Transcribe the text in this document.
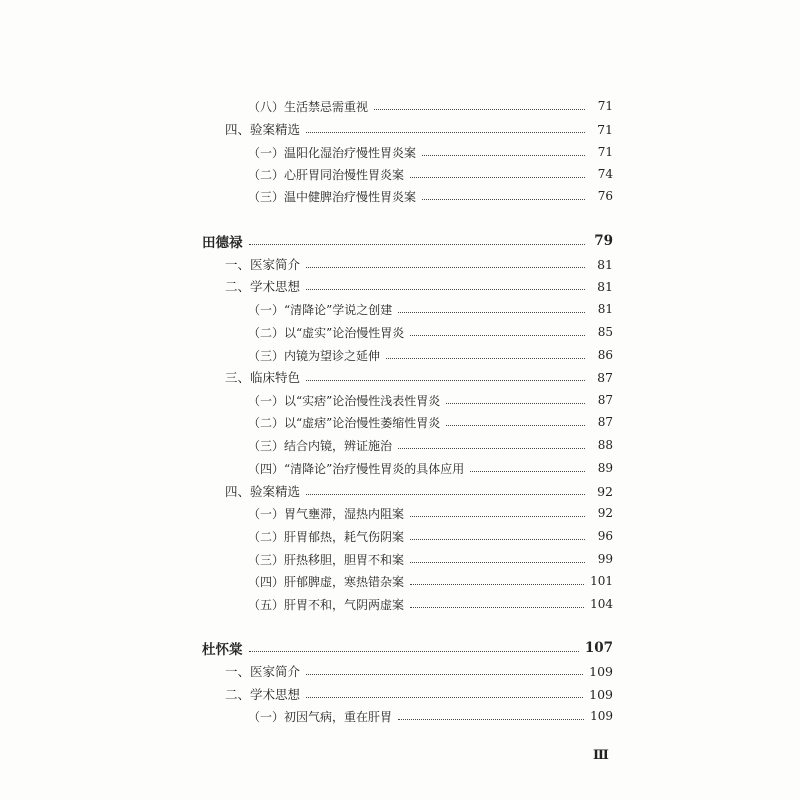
（八）生活禁忌需重视	71
四、验案精选	71
（一）温阳化湿治疗慢性胃炎案	71
（二）心肝胃同治慢性胃炎案	74
（三）温中健脾治疗慢性胃炎案	76
田德禄	79
一、医家简介	81
二、学术思想	81
（一）“清降论”学说之创建	81
（二）以“虚实”论治慢性胃炎	85
（三）内镜为望诊之延伸	86
三、临床特色	87
（一）以“实痞”论治慢性浅表性胃炎	87
（二）以“虚痞”论治慢性萎缩性胃炎	87
（三）结合内镜，辨证施治	88
（四）“清降论”治疗慢性胃炎的具体应用	89
四、验案精选	92
（一）胃气壅滞，湿热内阻案	92
（二）肝胃郁热，耗气伤阴案	96
（三）肝热移胆，胆胃不和案	99
（四）肝郁脾虚，寒热错杂案	101
（五）肝胃不和，气阴两虚案	104
杜怀棠	107
一、医家简介	109
二、学术思想	109
（一）初因气病，重在肝胃	109
Ⅲ
